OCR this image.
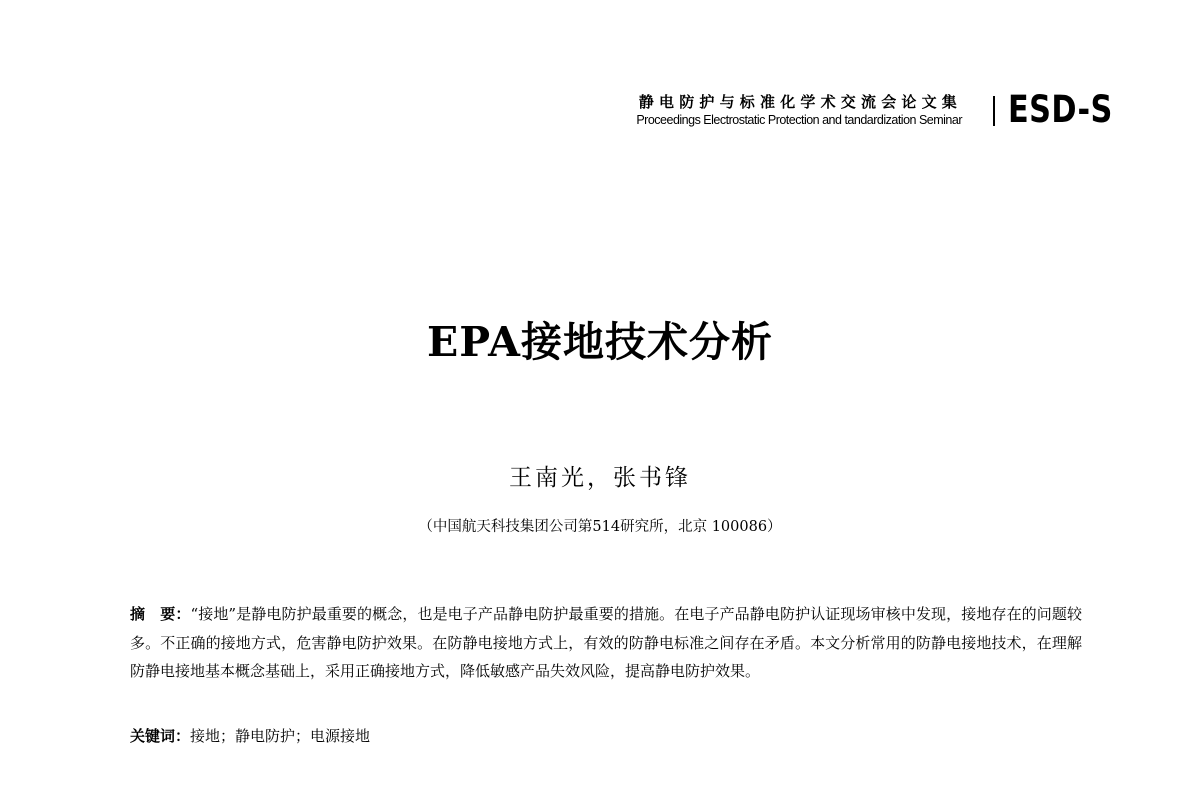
静电防护与标准化学术交流会论文集
Proceedings Electrostatic Protection and tandardization Seminar ESD-S
EPA接地技术分析
王南光，张书锋
（中国航天科技集团公司第514研究所，北京 100086）
摘　要：“接地”是静电防护最重要的概念，也是电子产品静电防护最重要的措施。在电子产品静电防护认证现场审核中发现，接地存在的问题较多。不正确的接地方式，危害静电防护效果。在防静电接地方式上，有效的防静电标准之间存在矛盾。本文分析常用的防静电接地技术，在理解防静电接地基本概念基础上，采用正确接地方式，降低敏感产品失效风险，提高静电防护效果。
关键词：接地；静电防护；电源接地
